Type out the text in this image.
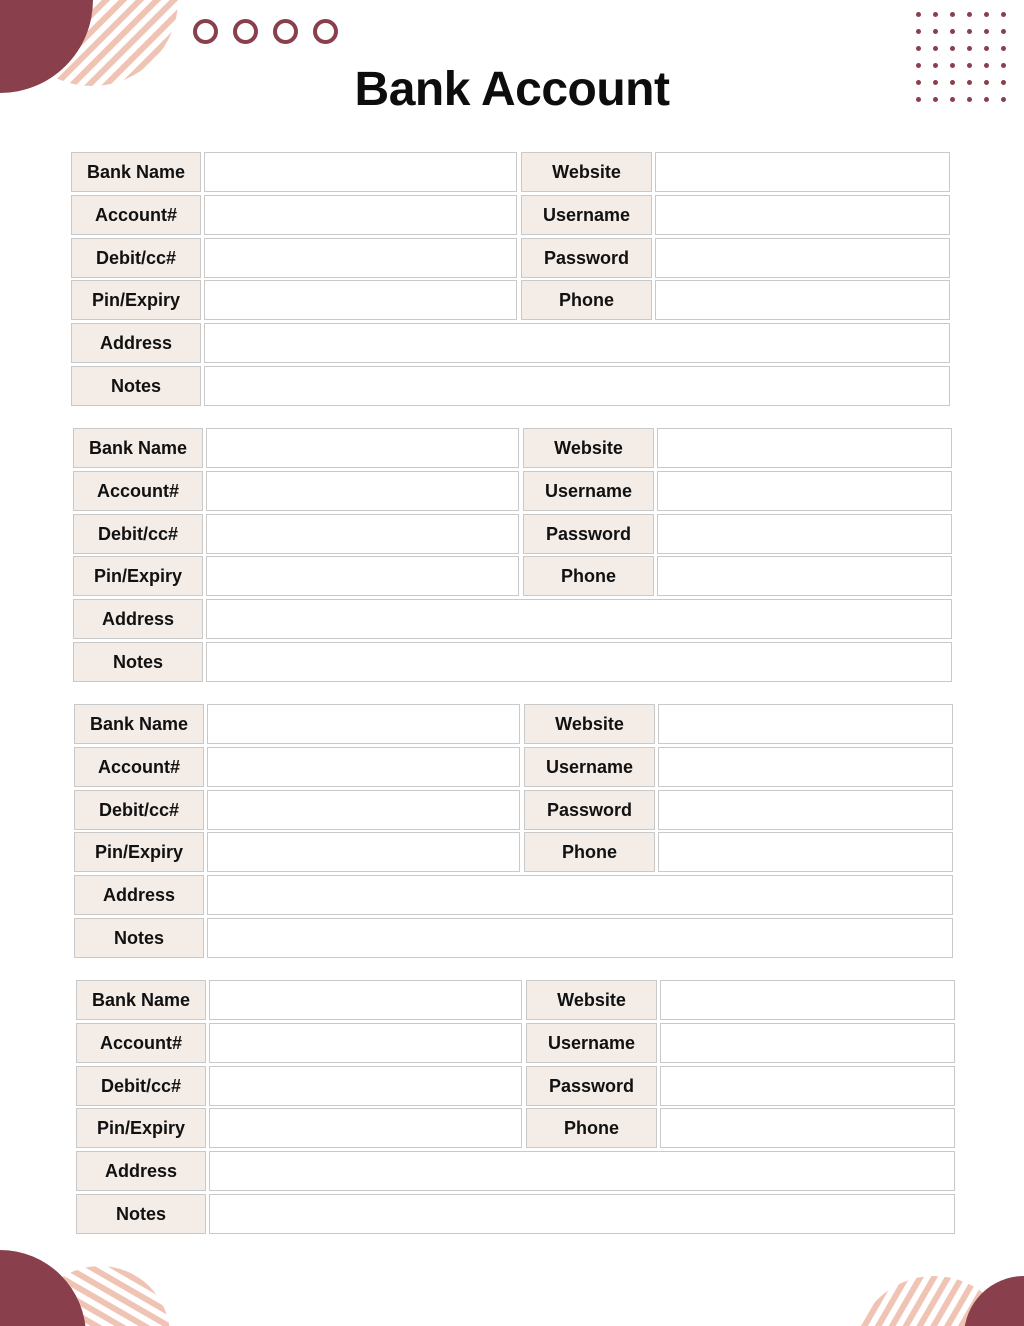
Bank Account
Bank Name
Account#
Debit/cc#
Pin/Expiry
Address
Notes
Website
Username
Password
Phone
Bank Name
Account#
Debit/cc#
Pin/Expiry
Address
Notes
Website
Username
Password
Phone
Bank Name
Account#
Debit/cc#
Pin/Expiry
Address
Notes
Website
Username
Password
Phone
Bank Name
Account#
Debit/cc#
Pin/Expiry
Address
Notes
Website
Username
Password
Phone
